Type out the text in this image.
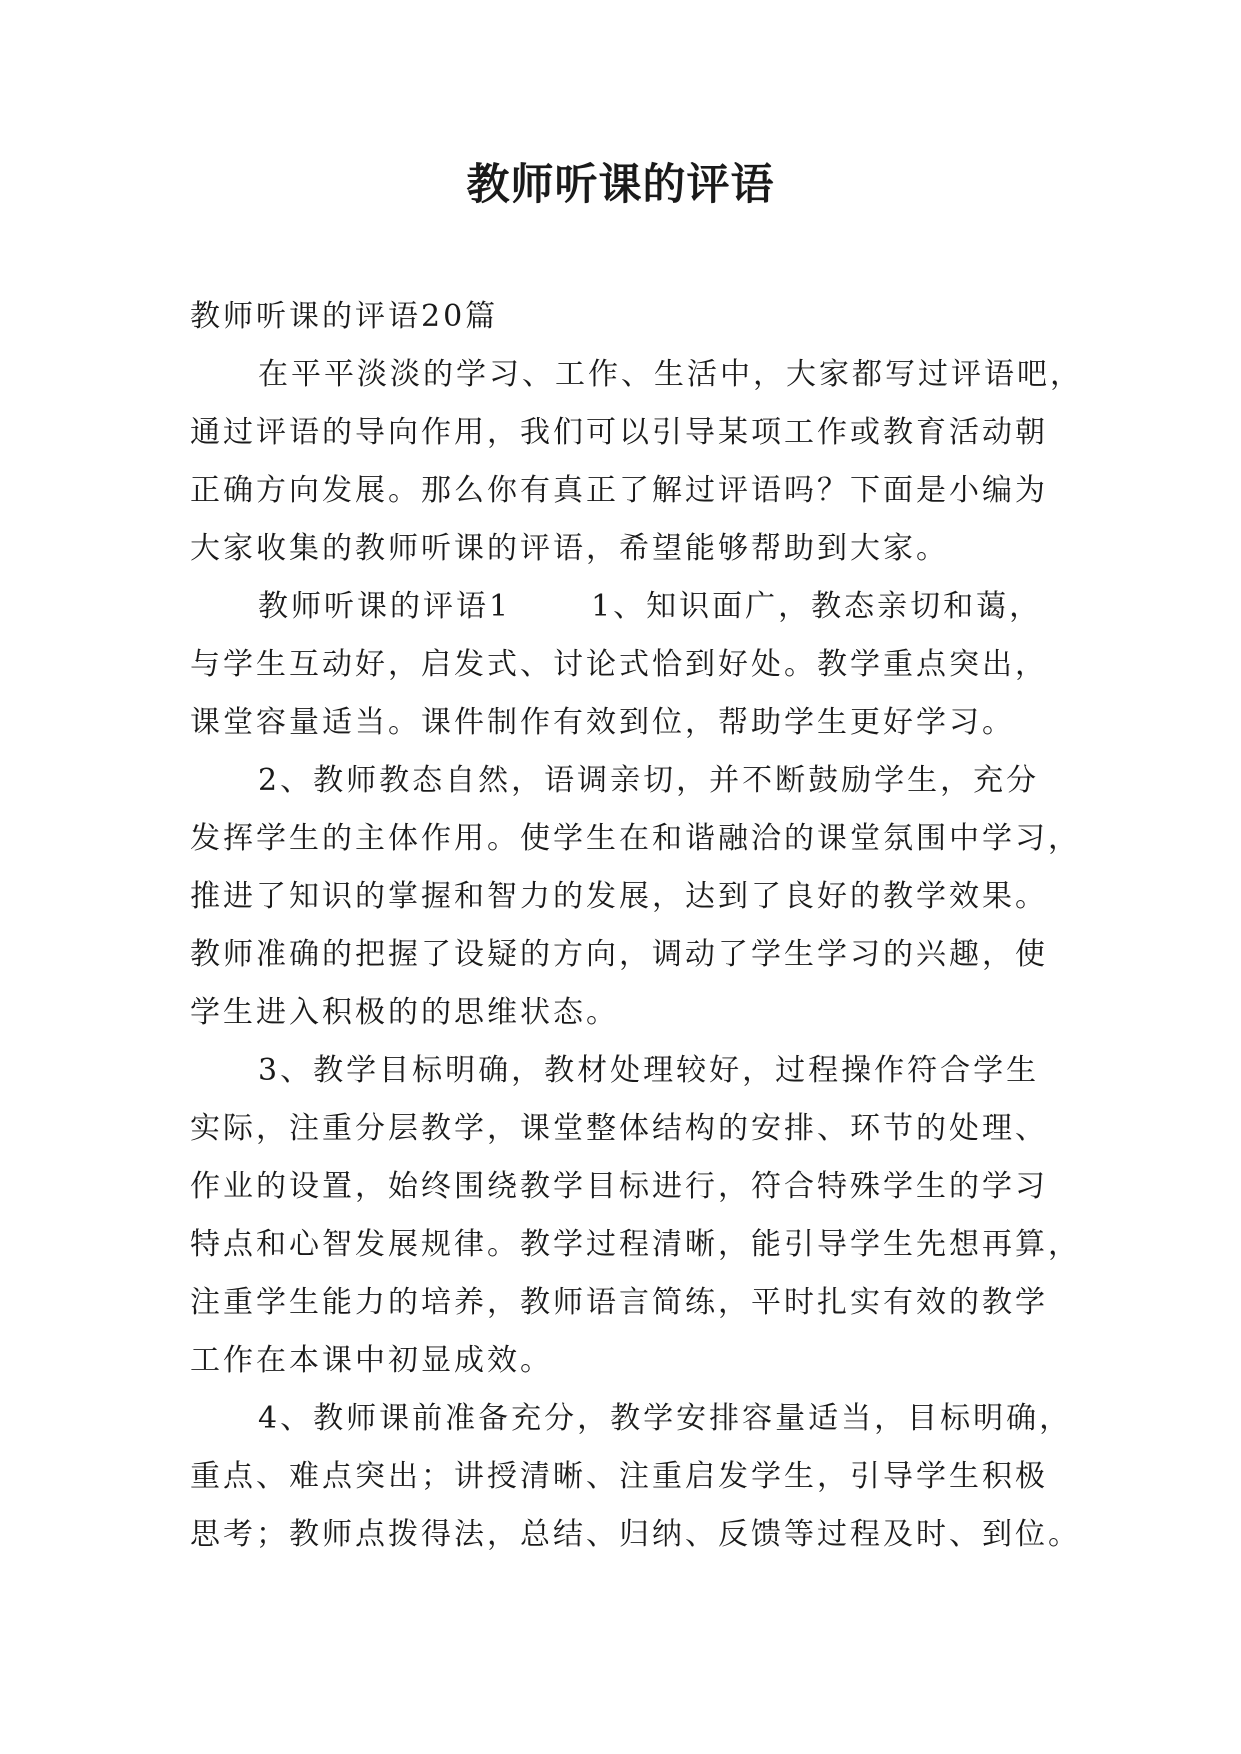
教师听课的评语
教师听课的评语20篇
在平平淡淡的学习、工作、生活中，大家都写过评语吧，
通过评语的导向作用，我们可以引导某项工作或教育活动朝
正确方向发展。那么你有真正了解过评语吗？下面是小编为
大家收集的教师听课的评语，希望能够帮助到大家。
教师听课的评语1	1、知识面广，教态亲切和蔼，
与学生互动好，启发式、讨论式恰到好处。教学重点突出，
课堂容量适当。课件制作有效到位，帮助学生更好学习。
2、教师教态自然，语调亲切，并不断鼓励学生，充分
发挥学生的主体作用。使学生在和谐融洽的课堂氛围中学习，
推进了知识的掌握和智力的发展，达到了良好的教学效果。
教师准确的把握了设疑的方向，调动了学生学习的兴趣，使
学生进入积极的的思维状态。
3、教学目标明确，教材处理较好，过程操作符合学生
实际，注重分层教学，课堂整体结构的安排、环节的处理、
作业的设置，始终围绕教学目标进行，符合特殊学生的学习
特点和心智发展规律。教学过程清晰，能引导学生先想再算，
注重学生能力的培养，教师语言简练，平时扎实有效的教学
工作在本课中初显成效。
4、教师课前准备充分，教学安排容量适当，目标明确，
重点、难点突出；讲授清晰、注重启发学生，引导学生积极
思考；教师点拨得法，总结、归纳、反馈等过程及时、到位。
